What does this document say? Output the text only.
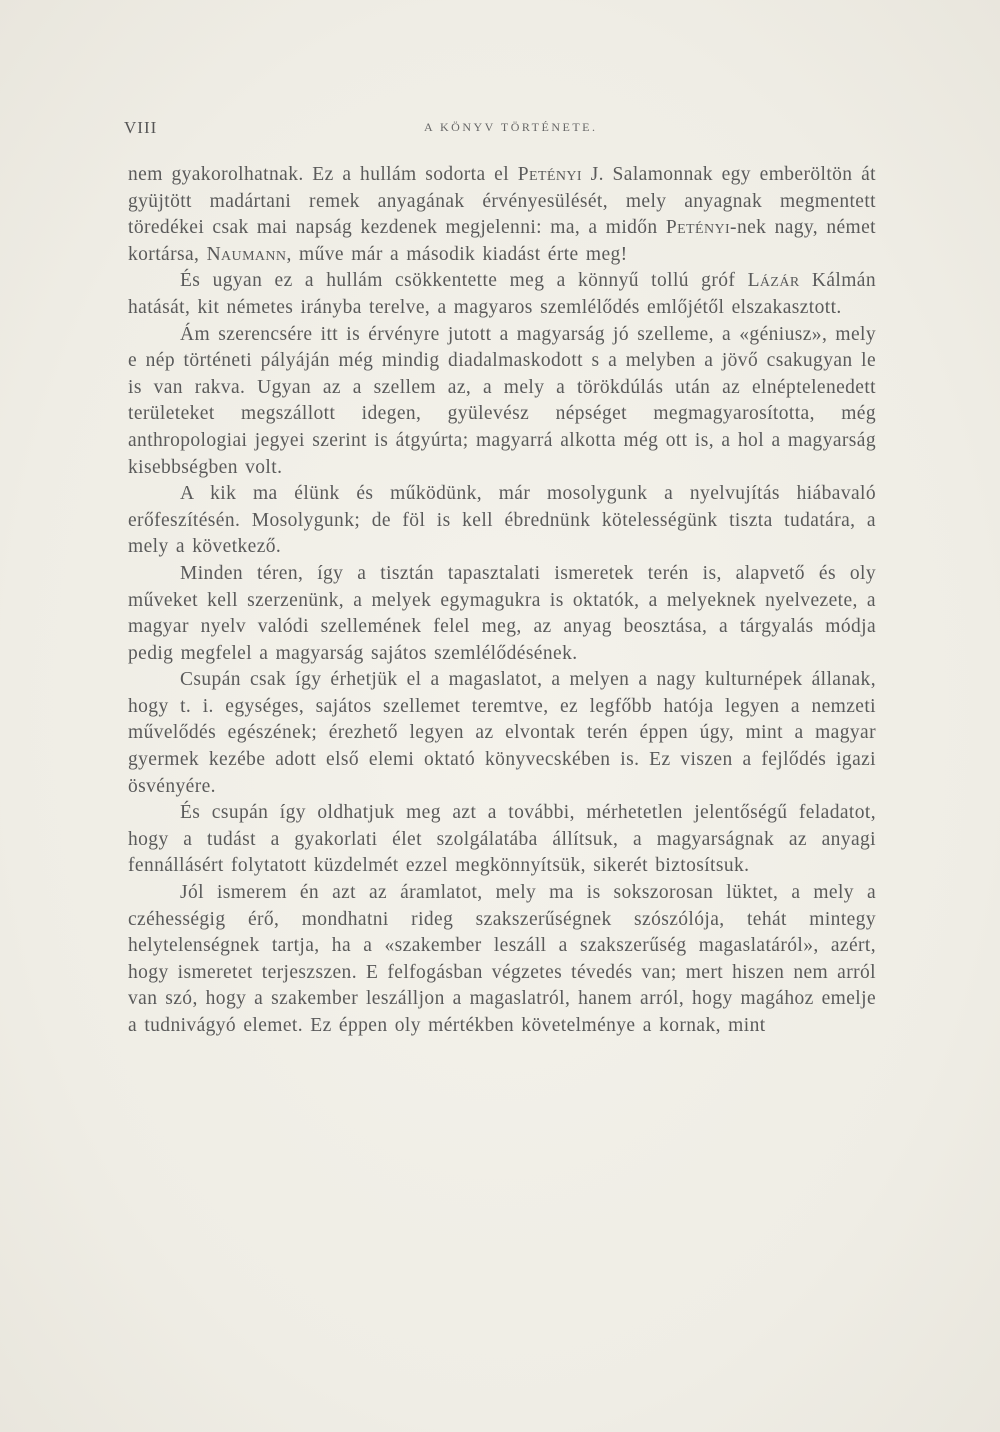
VIII	A KÖNYV TÖRTÉNETE.

nem gyakorolhatnak. Ez a hullám sodorta el Petényi J. Salamonnak egy emberöltön át gyüjtött madártani remek anyagának érvényesülését, mely anyagnak megmentett töredékei csak mai napság kezdenek megjelenni: ma, a midőn Petényi-nek nagy, német kortársa, Naumann, műve már a második kiadást érte meg!

És ugyan ez a hullám csökkentette meg a könnyű tollú gróf Lázár Kálmán hatását, kit németes irányba terelve, a magyaros szemlélődés emlőjétől elszakasztott.

Ám szerencsére itt is érvényre jutott a magyarság jó szelleme, a «géniusz», mely e nép történeti pályáján még mindig diadalmaskodott s a melyben a jövő csakugyan le is van rakva. Ugyan az a szellem az, a mely a törökdúlás után az elnéptelenedett területeket megszállott idegen, gyülevész népséget megmagyarosította, még anthropologiai jegyei szerint is átgyúrta; magyarrá alkotta még ott is, a hol a magyarság kisebbségben volt.

A kik ma élünk és működünk, már mosolygunk a nyelvujítás hiábavaló erőfeszítésén. Mosolygunk; de föl is kell ébrednünk kötelességünk tiszta tudatára, a mely a következő.

Minden téren, így a tisztán tapasztalati ismeretek terén is, alapvető és oly műveket kell szerzenünk, a melyek egymagukra is oktatók, a melyeknek nyelvezete, a magyar nyelv valódi szellemének felel meg, az anyag beosztása, a tárgyalás módja pedig megfelel a magyarság sajátos szemlélődésének.

Csupán csak így érhetjük el a magaslatot, a melyen a nagy kulturnépek állanak, hogy t. i. egységes, sajátos szellemet teremtve, ez legfőbb hatója legyen a nemzeti művelődés egészének; érezhető legyen az elvontak terén éppen úgy, mint a magyar gyermek kezébe adott első elemi oktató könyvecskében is. Ez viszen a fejlődés igazi ösvényére.

És csupán így oldhatjuk meg azt a további, mérhetetlen jelentőségű feladatot, hogy a tudást a gyakorlati élet szolgálatába állítsuk, a magyarságnak az anyagi fennállásért folytatott küzdelmét ezzel megkönnyítsük, sikerét biztosítsuk.

Jól ismerem én azt az áramlatot, mely ma is sokszorosan lüktet, a mely a czéhességig érő, mondhatni rideg szakszerűségnek szószólója, tehát mintegy helytelenségnek tartja, ha a «szakember leszáll a szakszerűség magaslatáról», azért, hogy ismeretet terjeszszen. E felfogásban végzetes tévedés van; mert hiszen nem arról van szó, hogy a szakember leszálljon a magaslatról, hanem arról, hogy magához emelje a tudnivágyó elemet. Ez éppen oly mértékben követelménye a kornak, mint
